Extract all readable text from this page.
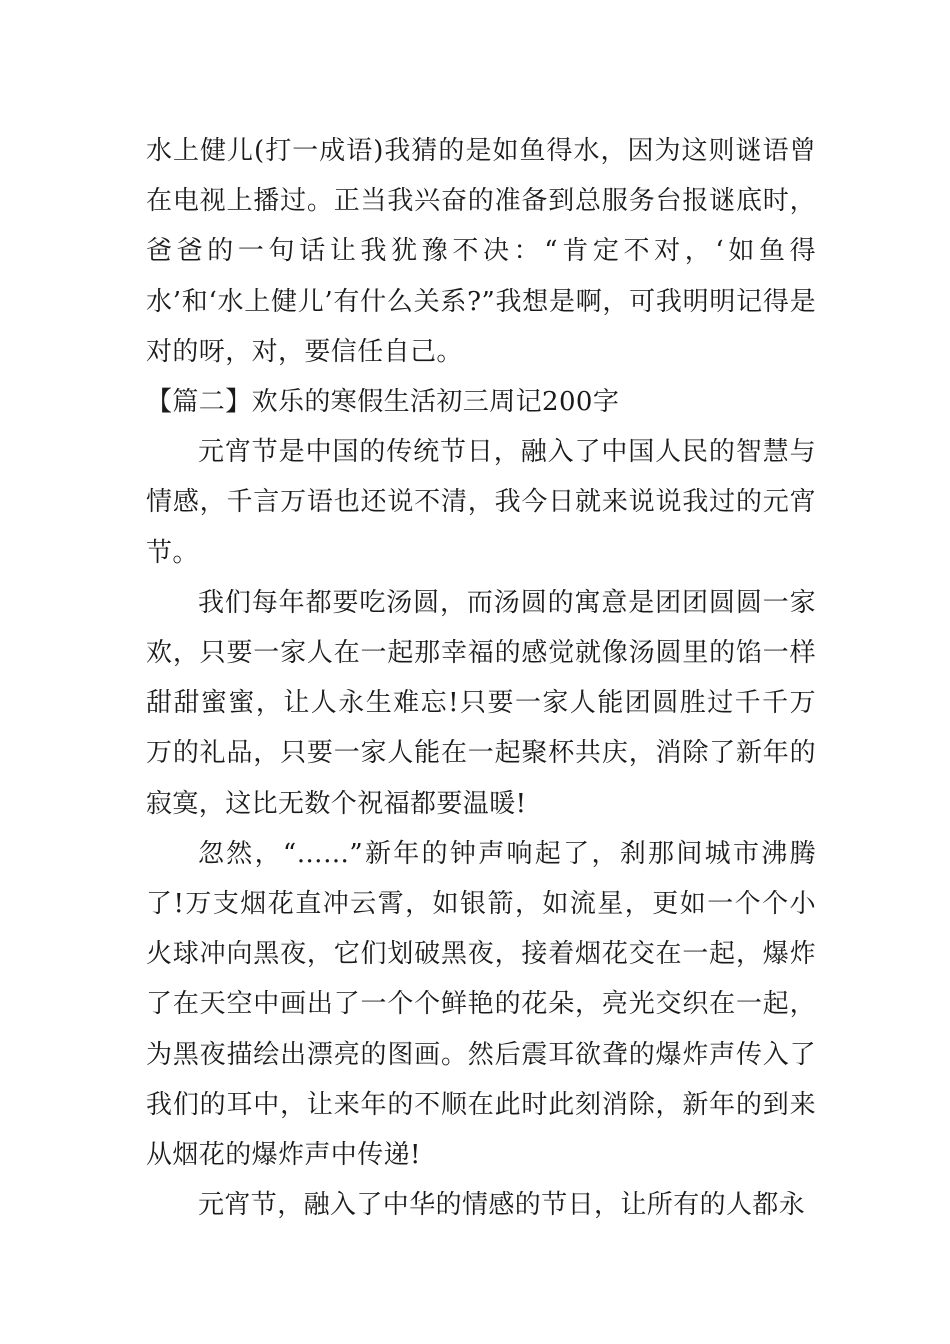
水上健儿(打一成语)我猜的是如鱼得水，因为这则谜语曾在电视上播过。正当我兴奋的准备到总服务台报谜底时，爸爸的一句话让我犹豫不决：“肯定不对，‘如鱼得水’和‘水上健儿’有什么关系?”我想是啊，可我明明记得是对的呀，对，要信任自己。

【篇二】欢乐的寒假生活初三周记200字

元宵节是中国的传统节日，融入了中国人民的智慧与情感，千言万语也还说不清，我今日就来说说我过的元宵节。

我们每年都要吃汤圆，而汤圆的寓意是团团圆圆一家欢，只要一家人在一起那幸福的感觉就像汤圆里的馅一样甜甜蜜蜜，让人永生难忘!只要一家人能团圆胜过千千万万的礼品，只要一家人能在一起聚杯共庆，消除了新年的寂寞，这比无数个祝福都要温暖!

忽然，“……”新年的钟声响起了，刹那间城市沸腾了!万支烟花直冲云霄，如银箭，如流星，更如一个个小火球冲向黑夜，它们划破黑夜，接着烟花交在一起，爆炸了在天空中画出了一个个鲜艳的花朵，亮光交织在一起，为黑夜描绘出漂亮的图画。然后震耳欲聋的爆炸声传入了我们的耳中，让来年的不顺在此时此刻消除，新年的到来从烟花的爆炸声中传递!

元宵节，融入了中华的情感的节日，让所有的人都永
